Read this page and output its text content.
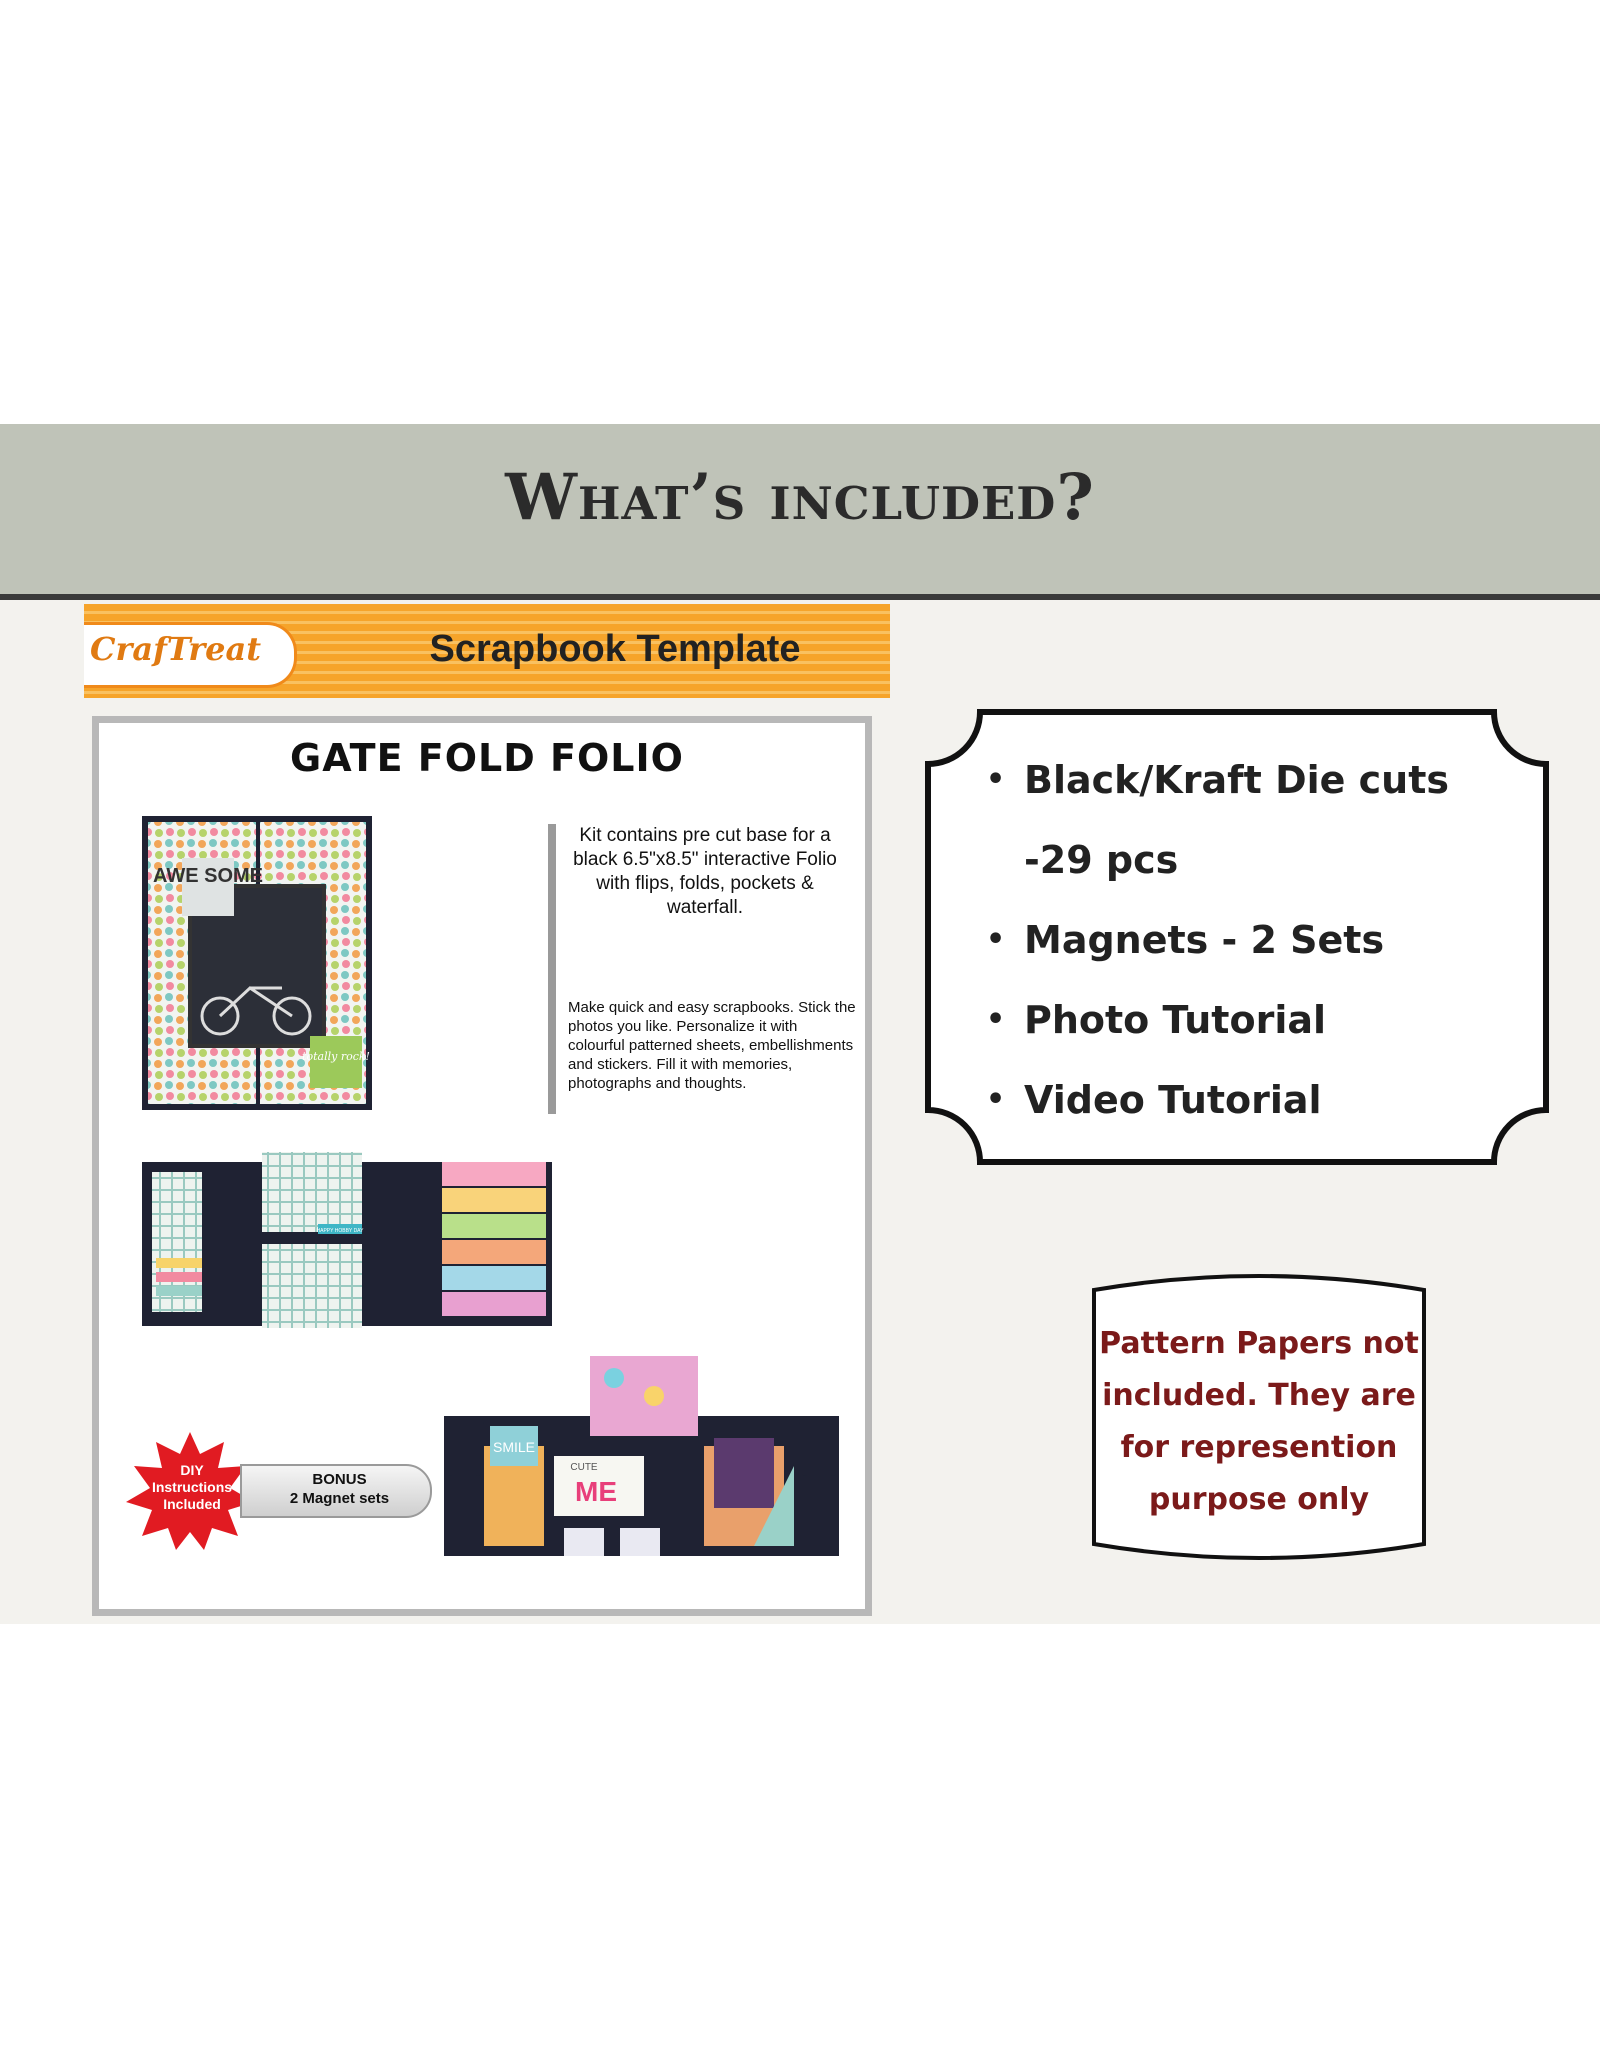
What’s included?
CrafTreat	Scrapbook Template
GATE FOLD FOLIO
Kit contains pre cut base for a black 6.5"x8.5" interactive Folio with flips, folds, pockets & waterfall.
Make quick and easy scrapbooks. Stick the photos you like. Personalize it with colourful patterned sheets, embellishments and stickers. Fill it with memories, photographs and thoughts.
AWE SOME
totally rock!
HAPPY HOBBY DAY
SMILE
ME
CUTE
DIY Instructions Included
BONUS
2 Magnet sets
• Black/Kraft Die cuts
-29 pcs
• Magnets - 2 Sets
• Photo Tutorial
• Video Tutorial
Pattern Papers not included. They are for represention purpose only
